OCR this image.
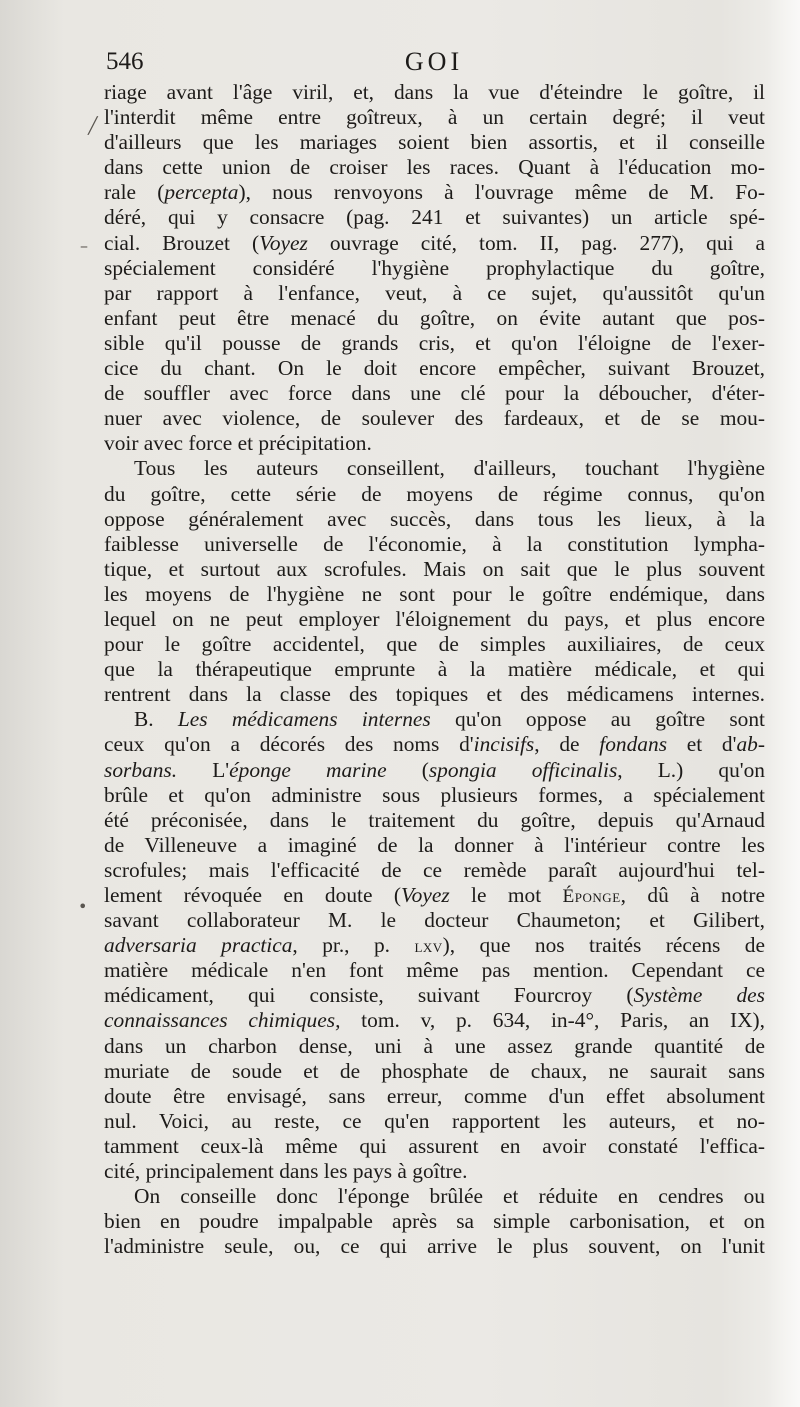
546	GOI
╱
–
•
riage avant l'âge viril, et, dans la vue d'éteindre le goître, il
l'interdit même entre goîtreux, à un certain degré; il veut
d'ailleurs que les mariages soient bien assortis, et il conseille
dans cette union de croiser les races. Quant à l'éducation mo-
rale (percepta), nous renvoyons à l'ouvrage même de M. Fo-
déré, qui y consacre (pag. 241 et suivantes) un article spé-
cial. Brouzet (Voyez ouvrage cité, tom. II, pag. 277), qui a
spécialement considéré l'hygiène prophylactique du goître,
par rapport à l'enfance, veut, à ce sujet, qu'aussitôt qu'un
enfant peut être menacé du goître, on évite autant que pos-
sible qu'il pousse de grands cris, et qu'on l'éloigne de l'exer-
cice du chant. On le doit encore empêcher, suivant Brouzet,
de souffler avec force dans une clé pour la déboucher, d'éter-
nuer avec violence, de soulever des fardeaux, et de se mou-
voir avec force et précipitation.
Tous les auteurs conseillent, d'ailleurs, touchant l'hygiène
du goître, cette série de moyens de régime connus, qu'on
oppose généralement avec succès, dans tous les lieux, à la
faiblesse universelle de l'économie, à la constitution lympha-
tique, et surtout aux scrofules. Mais on sait que le plus souvent
les moyens de l'hygiène ne sont pour le goître endémique, dans
lequel on ne peut employer l'éloignement du pays, et plus encore
pour le goître accidentel, que de simples auxiliaires, de ceux
que la thérapeutique emprunte à la matière médicale, et qui
rentrent dans la classe des topiques et des médicamens internes.
B. Les médicamens internes qu'on oppose au goître sont
ceux qu'on a décorés des noms d'incisifs, de fondans et d'ab-
sorbans. L'éponge marine (spongia officinalis, L.) qu'on
brûle et qu'on administre sous plusieurs formes, a spécialement
été préconisée, dans le traitement du goître, depuis qu'Arnaud
de Villeneuve a imaginé de la donner à l'intérieur contre les
scrofules; mais l'efficacité de ce remède paraît aujourd'hui tel-
lement révoquée en doute (Voyez le mot Éponge, dû à notre
savant collaborateur M. le docteur Chaumeton; et Gilibert,
adversaria practica, pr., p. lxv), que nos traités récens de
matière médicale n'en font même pas mention. Cependant ce
médicament, qui consiste, suivant Fourcroy (Système des
connaissances chimiques, tom. v, p. 634, in-4°, Paris, an IX),
dans un charbon dense, uni à une assez grande quantité de
muriate de soude et de phosphate de chaux, ne saurait sans
doute être envisagé, sans erreur, comme d'un effet absolument
nul. Voici, au reste, ce qu'en rapportent les auteurs, et no-
tamment ceux-là même qui assurent en avoir constaté l'effica-
cité, principalement dans les pays à goître.
On conseille donc l'éponge brûlée et réduite en cendres ou
bien en poudre impalpable après sa simple carbonisation, et on
l'administre seule, ou, ce qui arrive le plus souvent, on l'unit
